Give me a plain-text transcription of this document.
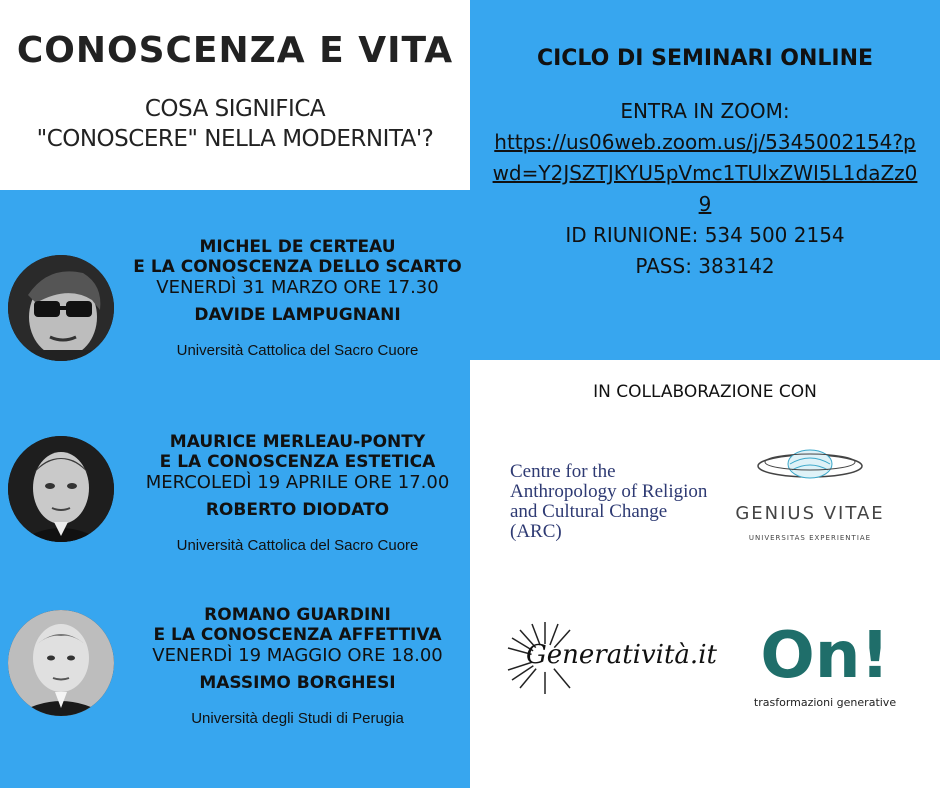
CONOSCENZA E VITA
COSA SIGNIFICA
"CONOSCERE" NELLA MODERNITA'?
CICLO DI SEMINARI ONLINE
ENTRA IN ZOOM:
https://us06web.zoom.us/j/5345002154?pwd=Y2JSZTJKYU5pVmc1TUlxZWI5L1daZz09
ID RIUNIONE: 534 500 2154
PASS: 383142
MICHEL DE CERTEAU
E LA CONOSCENZA DELLO SCARTO
VENERDÌ 31 MARZO ORE 17.30
DAVIDE LAMPUGNANI
Università Cattolica del Sacro Cuore
MAURICE MERLEAU-PONTY
E LA CONOSCENZA ESTETICA
MERCOLEDÌ 19 APRILE ORE 17.00
ROBERTO DIODATO
Università Cattolica del Sacro Cuore
ROMANO GUARDINI
E LA CONOSCENZA AFFETTIVA
VENERDÌ 19 MAGGIO ORE 18.00
MASSIMO BORGHESI
Università degli Studi di Perugia
IN COLLABORAZIONE CON
Centre for the Anthropology of Religion and Cultural Change (ARC)
GENIUS VITAE
UNIVERSITAS EXPERIENTIAE
Generatività.it On!
trasformazioni generative
